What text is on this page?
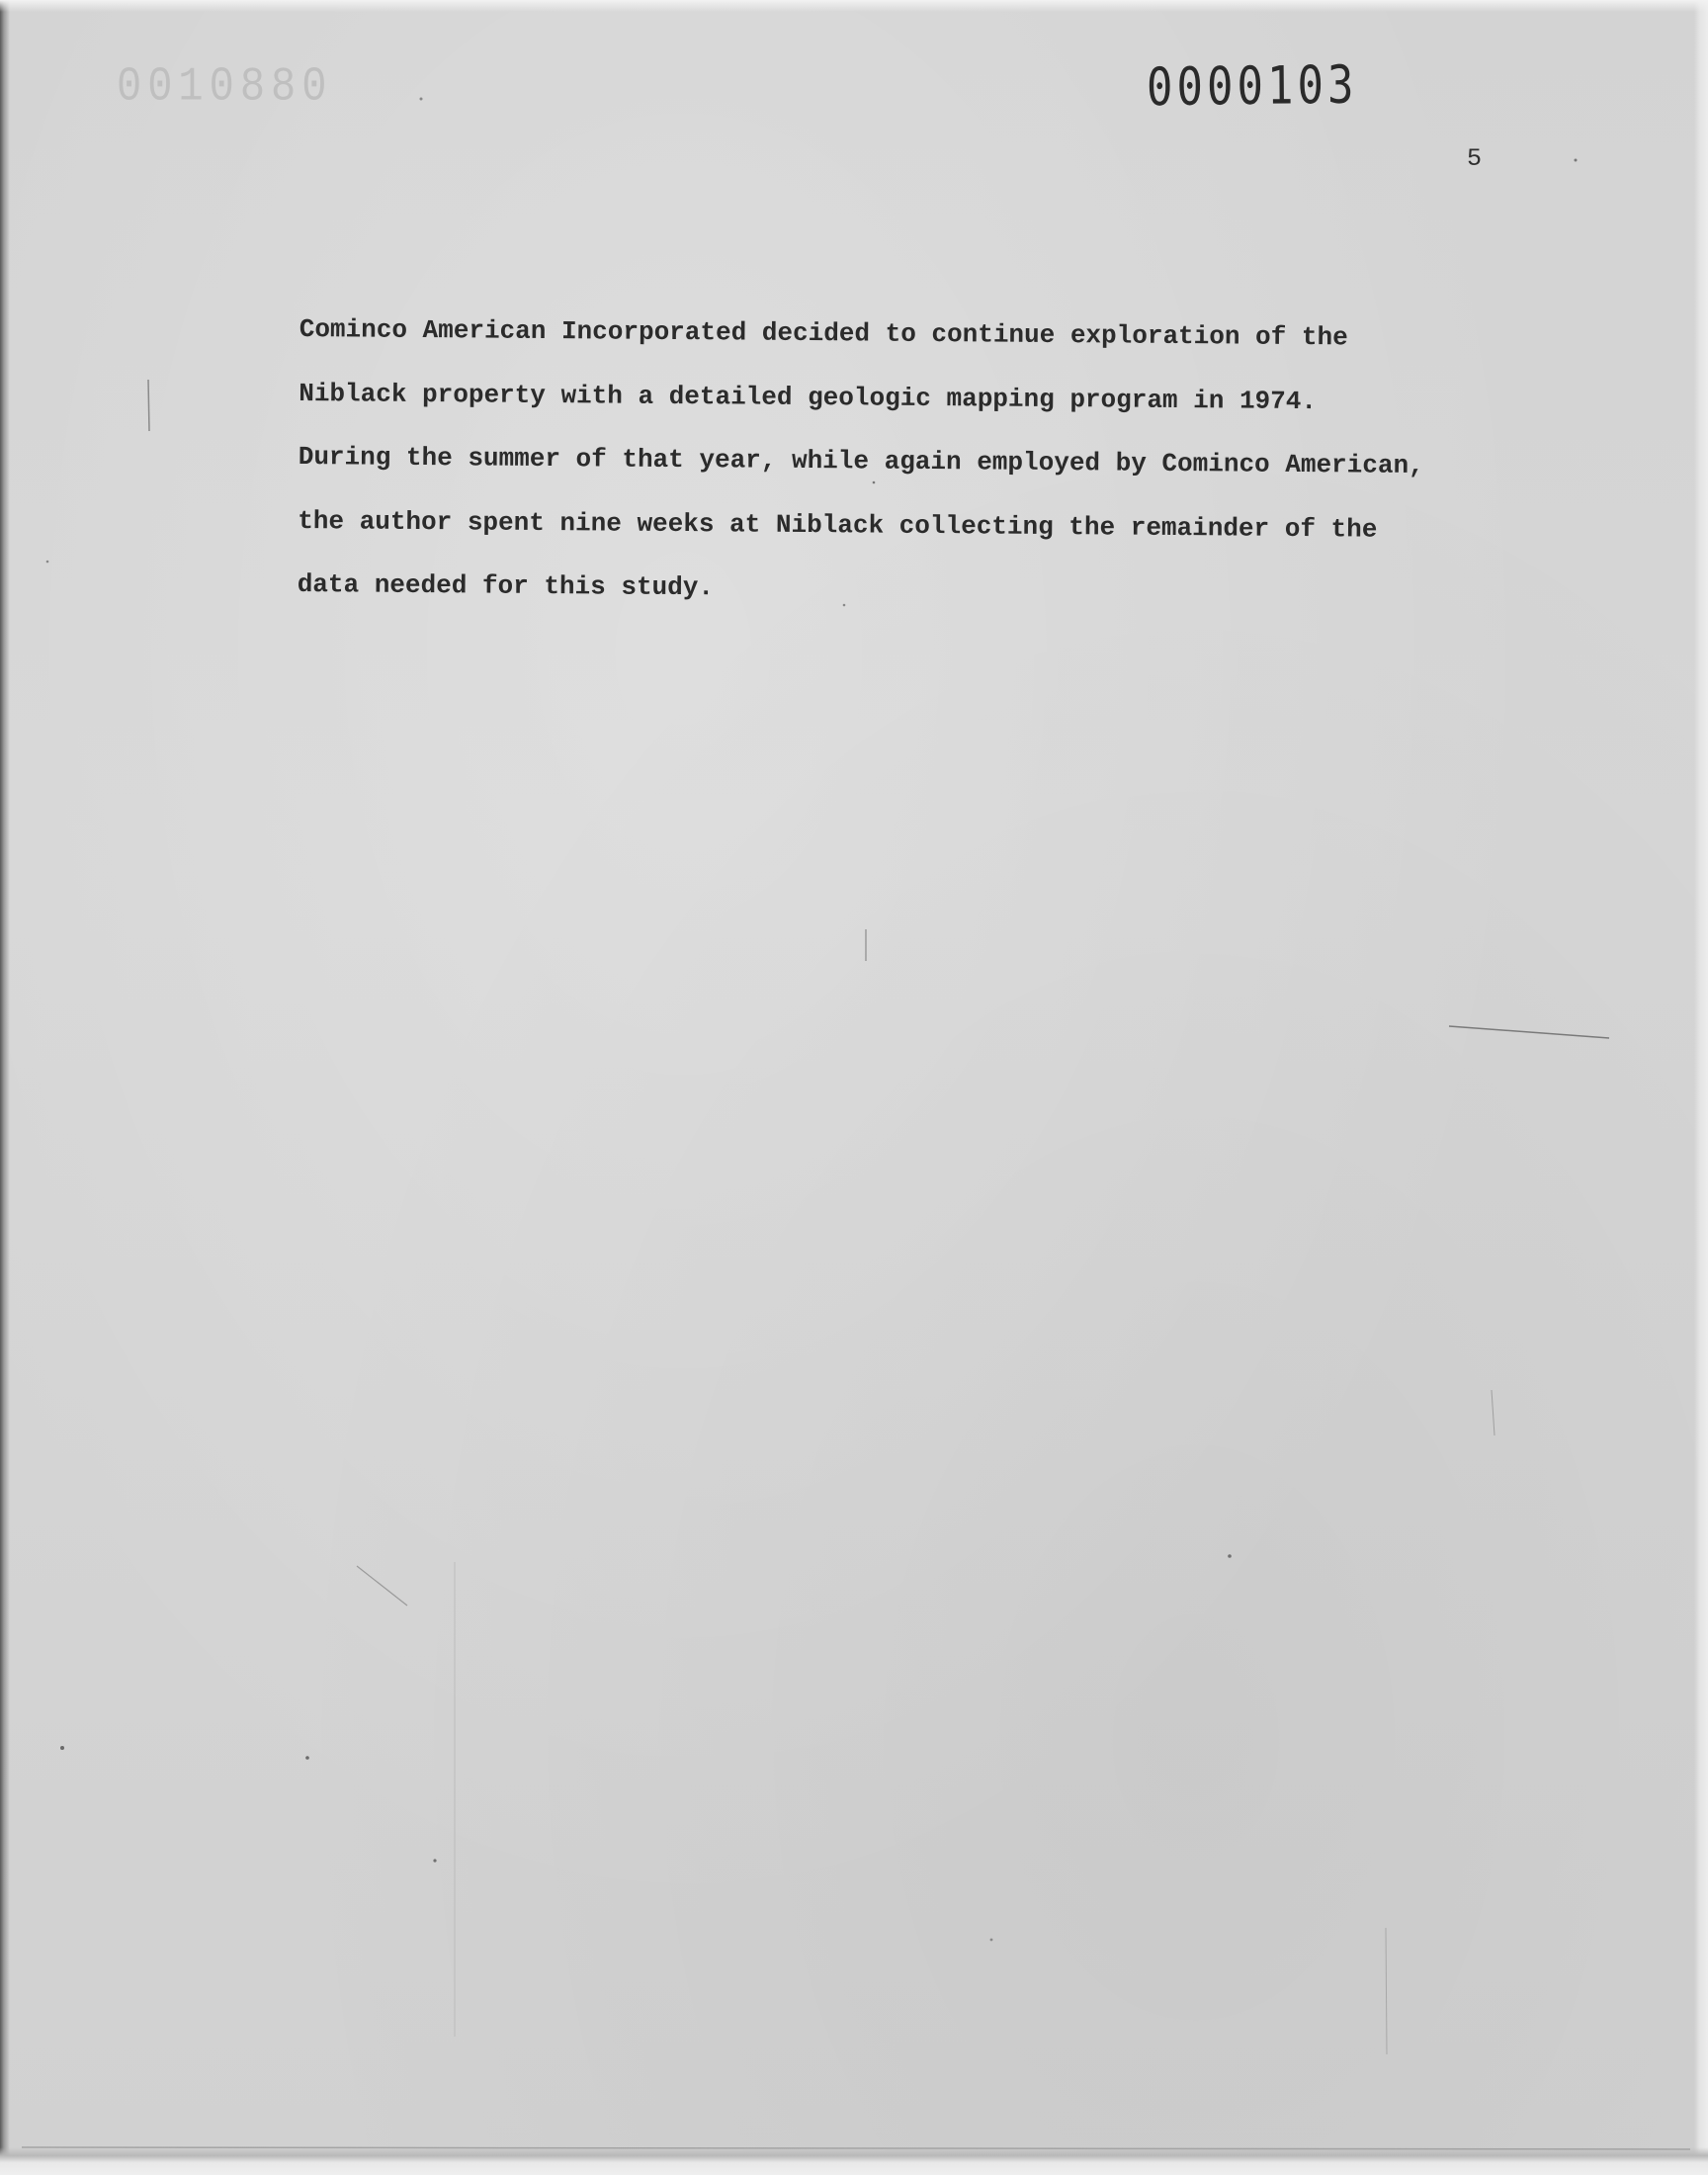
0010880	0000103
5
Cominco American Incorporated decided to continue exploration of the
Niblack property with a detailed geologic mapping program in 1974.
During the summer of that year, while again employed by Cominco American,
the author spent nine weeks at Niblack collecting the remainder of the
data needed for this study.
